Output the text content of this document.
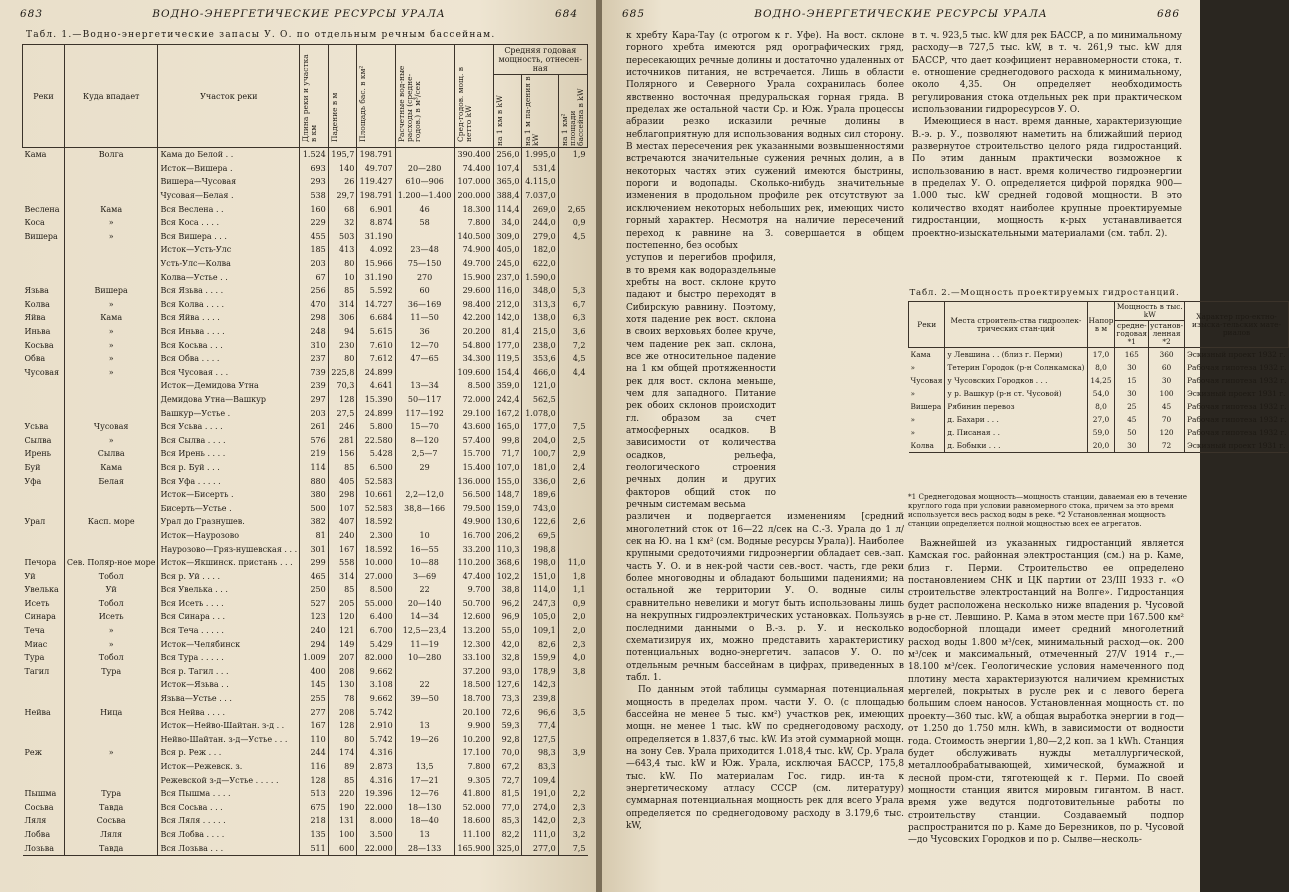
683	ВОДНО-ЭНЕРГЕТИЧЕСКИЕ РЕСУРСЫ УРАЛА	684
Табл. 1.—Водно-энергетические запасы У. О. по отдельным речным бассейнам.
Реки	Куда впадает	Участок реки	Длина реки и участка в км	Падение в м	Площадь бас. в км²	Расчетные вод-ные расходы (средне-годов.) в м³/сек	Сред-годов. мощ. в нетто kW	Средняя годовая мощность, отнесен-ная		

								на 1 км в kW	на 1 м па-дения в kW	на 1 км² площади бассейна в kW

Кама	Волга	Кама до Белой . .	1.524	195,7	198.791		390.400	256,0	1.995,0	1,9
		Исток—Вишера .	693	140	49.707	20—280	74.400	107,4	531,4	
		Вишера—Чусовая	293	26	119.427	610—906	107.000	365,0	4.115,0	
		Чусовая—Белая .	538	29,7	198.791	1.200—1.400	200.000	388,4	7.037,0	
Веслена	Кама	Вся Веслена . .	160	68	6.901	46	18.300	114,4	269,0	2,65
Коса	»	Вся Коса . . . .	229	32	8.874	58	7.800	34,0	244,0	0,9
Вишера	»	Вся Вишера . . .	455	503	31.190		140.500	309,0	279,0	4,5
		Исток—Усть-Улс	185	413	4.092	23—48	74.900	405,0	182,0	
		Усть-Улс—Колва	203	80	15.966	75—150	49.700	245,0	622,0	
		Колва—Устье . .	67	10	31.190	270	15.900	237,0	1.590,0	
Язьва	Вишера	Вся Язьва . . . .	256	85	5.592	60	29.600	116,0	348,0	5,3
Колва	»	Вся Колва . . . .	470	314	14.727	36—169	98.400	212,0	313,3	6,7
Яйва	Кама	Вся Яйва . . . .	298	306	6.684	11—50	42.200	142,0	138,0	6,3
Иньва	»	Вся Иньва . . . .	248	94	5.615	36	20.200	81,4	215,0	3,6
Косьва	»	Вся Косьва . . .	310	230	7.610	12—70	54.800	177,0	238,0	7,2
Обва	»	Вся Обва . . . .	237	80	7.612	47—65	34.300	119,5	353,6	4,5
Чусовая	»	Вся Чусовая . . .	739	225,8	24.899		109.600	154,4	466,0	4,4
		Исток—Демидова Утна	239	70,3	4.641	13—34	8.500	359,0	121,0	
		Демидова Утна—Вашкур	297	128	15.390	50—117	72.000	242,4	562,5	
		Вашкур—Устье .	203	27,5	24.899	117—192	29.100	167,2	1.078,0	
Усьва	Чусовая	Вся Усьва . . . .	261	246	5.800	15—70	43.600	165,0	177,0	7,5
Сылва	»	Вся Сылва . . . .	576	281	22.580	8—120	57.400	99,8	204,0	2,5
Ирень	Сылва	Вся Ирень . . . .	219	156	5.428	2,5—7	15.700	71,7	100,7	2,9
Буй	Кама	Вся р. Буй . . .	114	85	6.500	29	15.400	107,0	181,0	2,4
Уфа	Белая	Вся Уфа . . . . .	880	405	52.583		136.000	155,0	336,0	2,6
		Исток—Бисерть .	380	298	10.661	2,2—12,0	56.500	148,7	189,6	
		Бисерть—Устье .	500	107	52.583	38,8—166	79.500	159,0	743,0	
Урал	Касп. море	Урал до Гразнушев.	382	407	18.592		49.900	130,6	122,6	2,6
		Исток—Наурозово	81	240	2.300	10	16.700	206,2	69,5	
		Наурозово—Гряз-нушевская . . .	301	167	18.592	16—55	33.200	110,3	198,8	
Печора	Сев. Поляр-ное море	Исток—Якшинск. пристань . . .	299	558	10.000	10—88	110.200	368,6	198,0	11,0
Уй	Тобол	Вся р. Уй . . . .	465	314	27.000	3—69	47.400	102,2	151,0	1,8
Увелька	Уй	Вся Увелька . . .	250	85	8.500	22	9.700	38,8	114,0	1,1
Исеть	Тобол	Вся Исеть . . . .	527	205	55.000	20—140	50.700	96,2	247,3	0,9
Синара	Исеть	Вся Синара . . .	123	120	6.400	14—34	12.600	96,9	105,0	2,0
Теча	»	Вся Теча . . . . .	240	121	6.700	12,5—23,4	13.200	55,0	109,1	2,0
Миас	»	Исток—Челябинск	294	149	5.429	11—19	12.300	42,0	82,6	2,3
Тура	Тобол	Вся Тура . . . . .	1.009	207	82.000	10—280	33.100	32,8	159,9	4,0
Тагил	Тура	Вся р. Тагил . . .	400	208	9.662		37.200	93,0	178,9	3,8
		Исток—Язьва . .	145	130	3.108	22	18.500	127,6	142,3	
		Язьва—Устье . . .	255	78	9.662	39—50	18.700	73,3	239,8	
Нейва	Ница	Вся Нейва . . . .	277	208	5.742		20.100	72,6	96,6	3,5
		Исток—Нейво-Шайтан. з-д . .	167	128	2.910	13	9.900	59,3	77,4	
		Нейво-Шайтан. з-д—Устье . . .	110	80	5.742	19—26	10.200	92,8	127,5	
Реж	»	Вся р. Реж . . .	244	174	4.316		17.100	70,0	98,3	3,9
		Исток—Режевск. з.	116	89	2.873	13,5	7.800	67,2	83,3	
		Режевской з-д—Устье . . . . .	128	85	4.316	17—21	9.305	72,7	109,4	
Пышма	Тура	Вся Пышма . . . .	513	220	19.396	12—76	41.800	81,5	191,0	2,2
Сосьва	Тавда	Вся Сосьва . . .	675	190	22.000	18—130	52.000	77,0	274,0	2,3
Ляля	Сосьва	Вся Ляля . . . . .	218	131	8.000	18—40	18.600	85,3	142,0	2,3
Лобва	Ляля	Вся Лобва . . . .	135	100	3.500	13	11.100	82,2	111,0	3,2
Лозьва	Тавда	Вся Лозьва . . .	511	600	22.000	28—133	165.900	325,0	277,0	7,5
685	ВОДНО-ЭНЕРГЕТИЧЕСКИЕ РЕСУРСЫ УРАЛА	686

к хребту Кара-Тау (с отрогом к г. Уфе). На вост. склоне горного хребта имеются ряд орографических гряд, пересекающих речные долины и достаточно удаленных от источников питания, не встречается. Лишь в области Полярного и Северного Урала сохранилась более явственно восточная предуральская горная гряда. В пределах же остальной части Ср. и Юж. Урала процессы абразии резко исказили речные долины в неблагоприятную для использования водных сил сторону. В местах пересечения рек указанными возвышенностями встречаются значительные сужения речных долин, а в некоторых частях этих сужений имеются быстрины, пороги и водопады. Сколько-нибудь значительные изменения в продольном профиле рек отсутствуют за исключением некоторых небольших рек, имеющих чисто горный характер. Несмотря на наличие пересечений переход к равнине на З. совершается в общем постепенно, без особых

уступов и перегибов профиля, в то время как водораздельные хребты на вост. склоне круто падают и быстро переходят в Сибирскую равнину. Поэтому, хотя падение рек вост. склона в своих верховьях более круче, чем падение рек зап. склона, все же относительное падение на 1 км общей протяженности рек для вост. склона меньше, чем для западного. Питание рек обоих склонов происходит гл. образом за счет атмосферных осадков. В зависимости от количества осадков, рельефа, геологического строения речных долин и других факторов общий сток по речным системам весьма

различен и подвергается изменениям [средний многолетний сток от 16—22 л/сек на С.-З. Урала до 1 л/сек на Ю. на 1 км² (см. Водные ресурсы Урала)]. Наиболее крупными средоточиями гидроэнергии обладает сев.-зап. часть У. О. и в нек-рой части сев.-вост. часть, где реки более многоводны и обладают большими падениями; на остальной же территории У. О. водные силы сравнительно невелики и могут быть использованы лишь на некрупных гидроэлектрических установках. Пользуясь последними данными о В.-з. р. У. и несколько схематизируя их, можно представить характеристику потенциальных водно-энергетич. запасов У. О. по отдельным речным бассейнам в цифрах, приведенных в табл. 1.

По данным этой таблицы суммарная потенциальная мощность в пределах пром. части У. О. (с площадью бассейна не менее 5 тыс. км²) участков рек, имеющих мощн. не менее 1 тыс. kW по среднегодовому расходу, определяется в 1.837,6 тыс. kW. Из этой суммарной мощн. на зону Сев. Урала приходится 1.018,4 тыс. kW, Ср. Урала—643,4 тыс. kW и Юж. Урала, исключая БАССР, 175,8 тыс. kW. По материалам Гос. гидр. ин-та к энергетическому атласу СССР (см. литературу) суммарная потенциальная мощность рек для всего Урала определяется по среднегодовому расходу в 3.179,6 тыс. kW,

в т. ч. 923,5 тыс. kW для рек БАССР, а по минимальному расходу—в 727,5 тыс. kW, в т. ч. 261,9 тыс. kW для БАССР, что дает коэфициент неравномерности стока, т. е. отношение среднегодового расхода к минимальному, около 4,35. Он определяет необходимость регулирования стока отдельных рек при практическом использовании гидроресурсов У. О.

Имеющиеся в наст. время данные, характеризующие В.-э. р. У., позволяют наметить на ближайший период развернутое строительство целого ряда гидростанций. По этим данным практически возможное к использованию в наст. время количество гидроэнергии в пределах У. О. определяется цифрой порядка 900—1.000 тыс. kW средней годовой мощности. В это количество входят наиболее крупные проектируемые гидростанции, мощность к-рых устанавливается проектно-изыскательными материалами (см. табл. 2).

Табл. 2.—Мощность проектируемых гидростанций.
Реки	Места строитель-ства гидроэлек-трических стан-ций	Напор в м	Мощность в тыс. kW		Характер про-ектно-изыска-тельских мате-риалов
			средне-годовая *1	установ-ленная *2	
Кама	у Левшина . . (близ г. Перми)	17,0	165	360	Эскизный проект 1932 г.
»	Тетерин Городок (р-н Солнкамска)	8,0	30	60	Рабочая гипотеза 1932 г.
Чусовая	у Чусовских Городков . . .	14,25	15	30	Рабочая гипотеза 1932 г.
»	у р. Вашкур (р-н ст. Чусовой)	54,0	30	100	Эскизный проект 1931 г.
Вишера	Рябинин перевоз	8,0	25	45	Рабочая гипотеза 1932 г.
»	д. Бахари . . .	27,0	45	70	Рабочая гипотеза 1932 г.
»	д. Писаная . .	59,0	50	120	Рабочая гипотеза 1932 г.
Колва	д. Бобыки . . .	20,0	30	72	Эскизный проект 1931 г.
*1 Среднегодовая мощность—мощность станции, даваемая ею в течение круглого года при условии равномерного стока, причем за это время используется весь расход воды в реке. *2 Установленная мощность станции определяется полной мощностью всех ее агрегатов.

Важнейшей из указанных гидростанций является Камская гос. районная электростанция (см.) на р. Каме, близ г. Перми. Строительство ее определено постановлением СНК и ЦК партии от 23/III 1933 г. «О строительстве электростанций на Волге». Гидростанция будет расположена несколько ниже впадения р. Чусовой в р-не ст. Левшино. Р. Кама в этом месте при 167.500 км² водосборной площади имеет средний многолетний расход воды 1.800 м³/сек, минимальный расход—ок. 200 м³/сек и максимальный, отмеченный 27/V 1914 г.,—18.100 м³/сек. Геологические условия намеченного под плотину места характеризуются наличием кремнистых мергелей, покрытых в русле рек и с левого берега большим слоем наносов. Установленная мощность ст. по проекту—360 тыс. kW, а общая выработка энергии в год—от 1.250 до 1.750 млн. kWh, в зависимости от водности года. Стоимость энергии 1,80—2,2 коп. за 1 kWh. Станция будет обслуживать нужды металлургической, металлообрабатывающей, химической, бумажной и лесной пром-сти, тяготеющей к г. Перми. По своей мощности станция явится мировым гигантом. В наст. время уже ведутся подготовительные работы по строительству станции. Создаваемый подпор распространится по р. Каме до Березников, по р. Чусовой—до Чусовских Городков и по р. Сылве—несколь-
